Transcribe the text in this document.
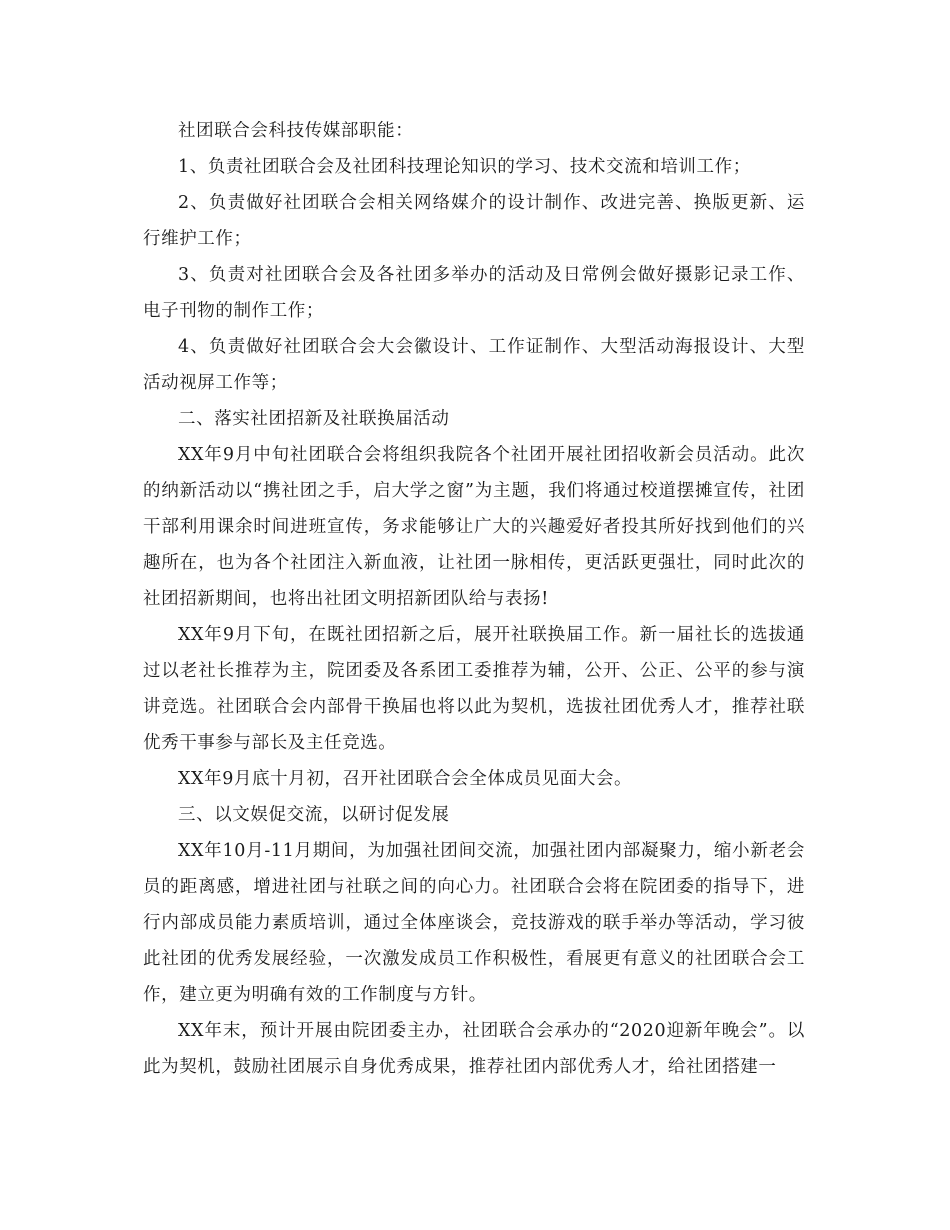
社团联合会科技传媒部职能：

1、负责社团联合会及社团科技理论知识的学习、技术交流和培训工作；

2、负责做好社团联合会相关网络媒介的设计制作、改进完善、换版更新、运行维护工作；

3、负责对社团联合会及各社团多举办的活动及日常例会做好摄影记录工作、电子刊物的制作工作；

4、负责做好社团联合会大会徽设计、工作证制作、大型活动海报设计、大型活动视屏工作等；

二、落实社团招新及社联换届活动

XX年9月中旬社团联合会将组织我院各个社团开展社团招收新会员活动。此次的纳新活动以“携社团之手，启大学之窗”为主题，我们将通过校道摆摊宣传，社团干部利用课余时间进班宣传，务求能够让广大的兴趣爱好者投其所好找到他们的兴趣所在，也为各个社团注入新血液，让社团一脉相传，更活跃更强壮，同时此次的社团招新期间，也将出社团文明招新团队给与表扬!

XX年9月下旬，在既社团招新之后，展开社联换届工作。新一届社长的选拔通过以老社长推荐为主，院团委及各系团工委推荐为辅，公开、公正、公平的参与演讲竞选。社团联合会内部骨干换届也将以此为契机，选拔社团优秀人才，推荐社联优秀干事参与部长及主任竞选。

XX年9月底十月初，召开社团联合会全体成员见面大会。

三、以文娱促交流，以研讨促发展

XX年10月-11月期间，为加强社团间交流，加强社团内部凝聚力，缩小新老会员的距离感，增进社团与社联之间的向心力。社团联合会将在院团委的指导下，进行内部成员能力素质培训，通过全体座谈会，竞技游戏的联手举办等活动，学习彼此社团的优秀发展经验，一次激发成员工作积极性，看展更有意义的社团联合会工作，建立更为明确有效的工作制度与方针。

XX年末，预计开展由院团委主办，社团联合会承办的“2020迎新年晚会”。以此为契机，鼓励社团展示自身优秀成果，推荐社团内部优秀人才，给社团搭建一
